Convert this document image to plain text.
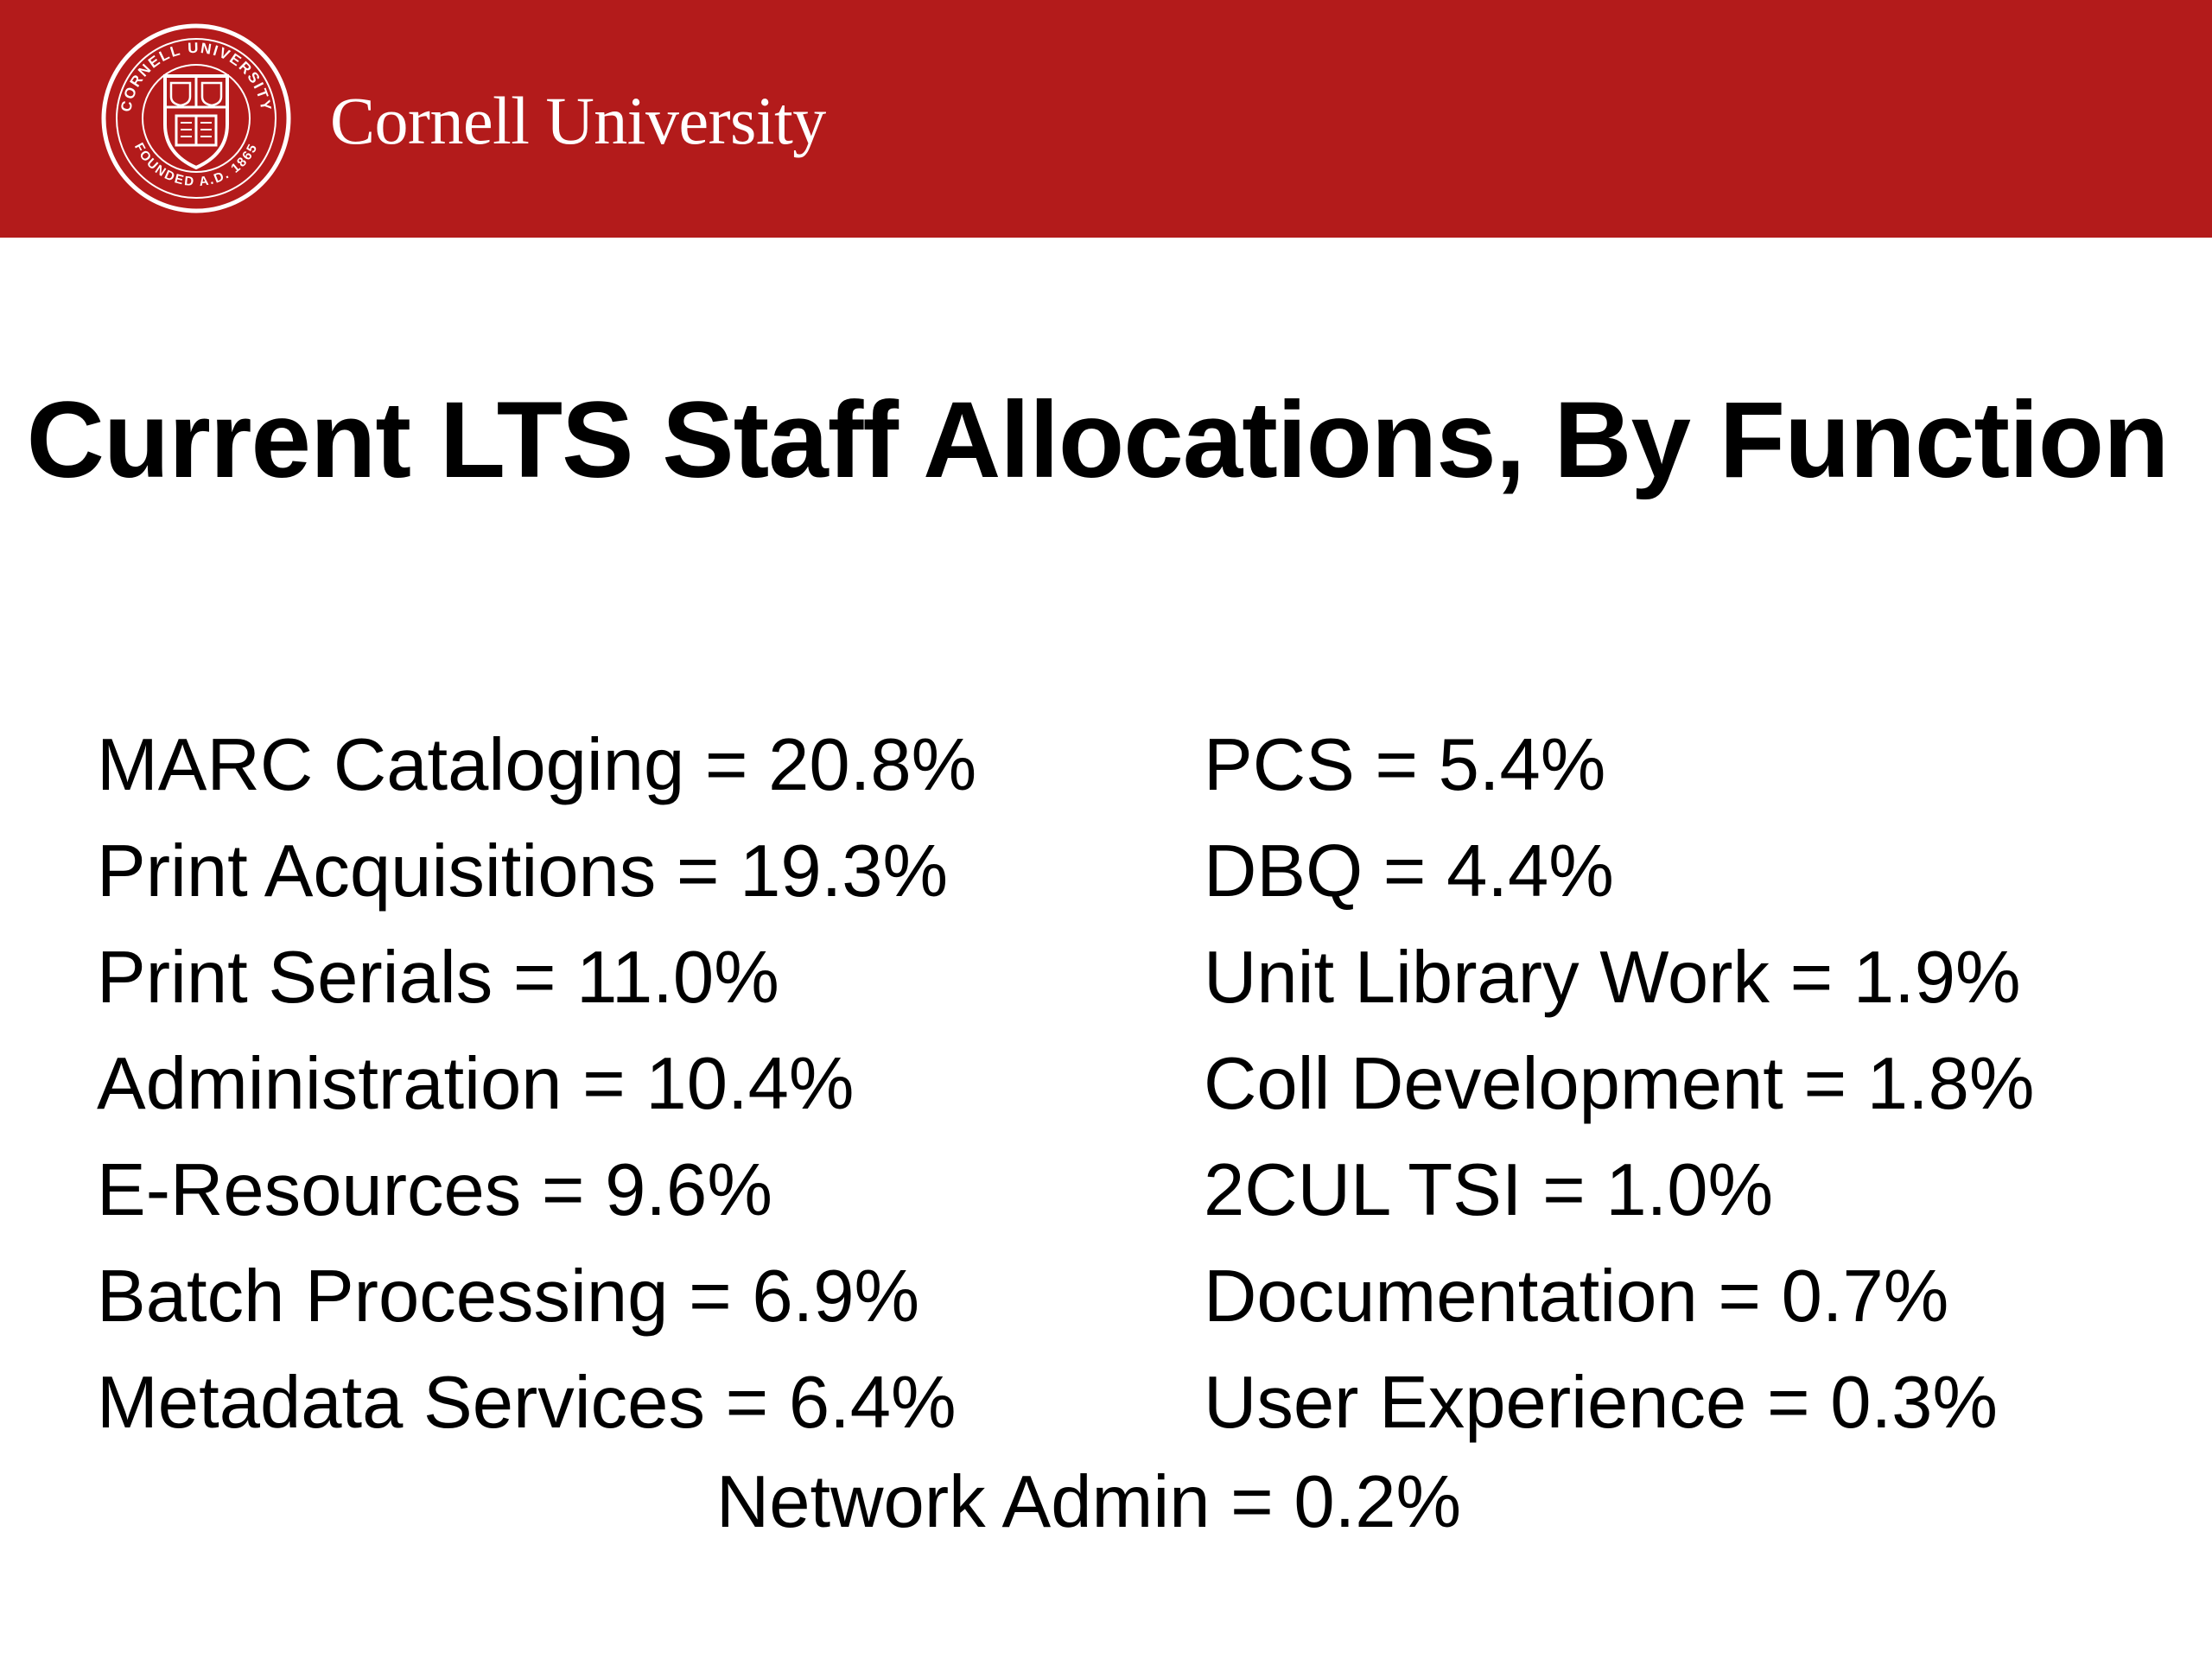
CORNELL UNIVERSITY
FOUNDED A.D. 1865 Cornell University
Current LTS Staff Allocations, By Function
MARC Cataloging = 20.8%
Print Acquisitions = 19.3%
Print Serials = 11.0%
Administration = 10.4%
E-Resources = 9.6%
Batch Processing = 6.9%
Metadata Services = 6.4%
PCS = 5.4%
DBQ = 4.4%
Unit Library Work = 1.9%
Coll Development = 1.8%
2CUL TSI = 1.0%
Documentation = 0.7%
User Experience = 0.3%
Network Admin = 0.2%
